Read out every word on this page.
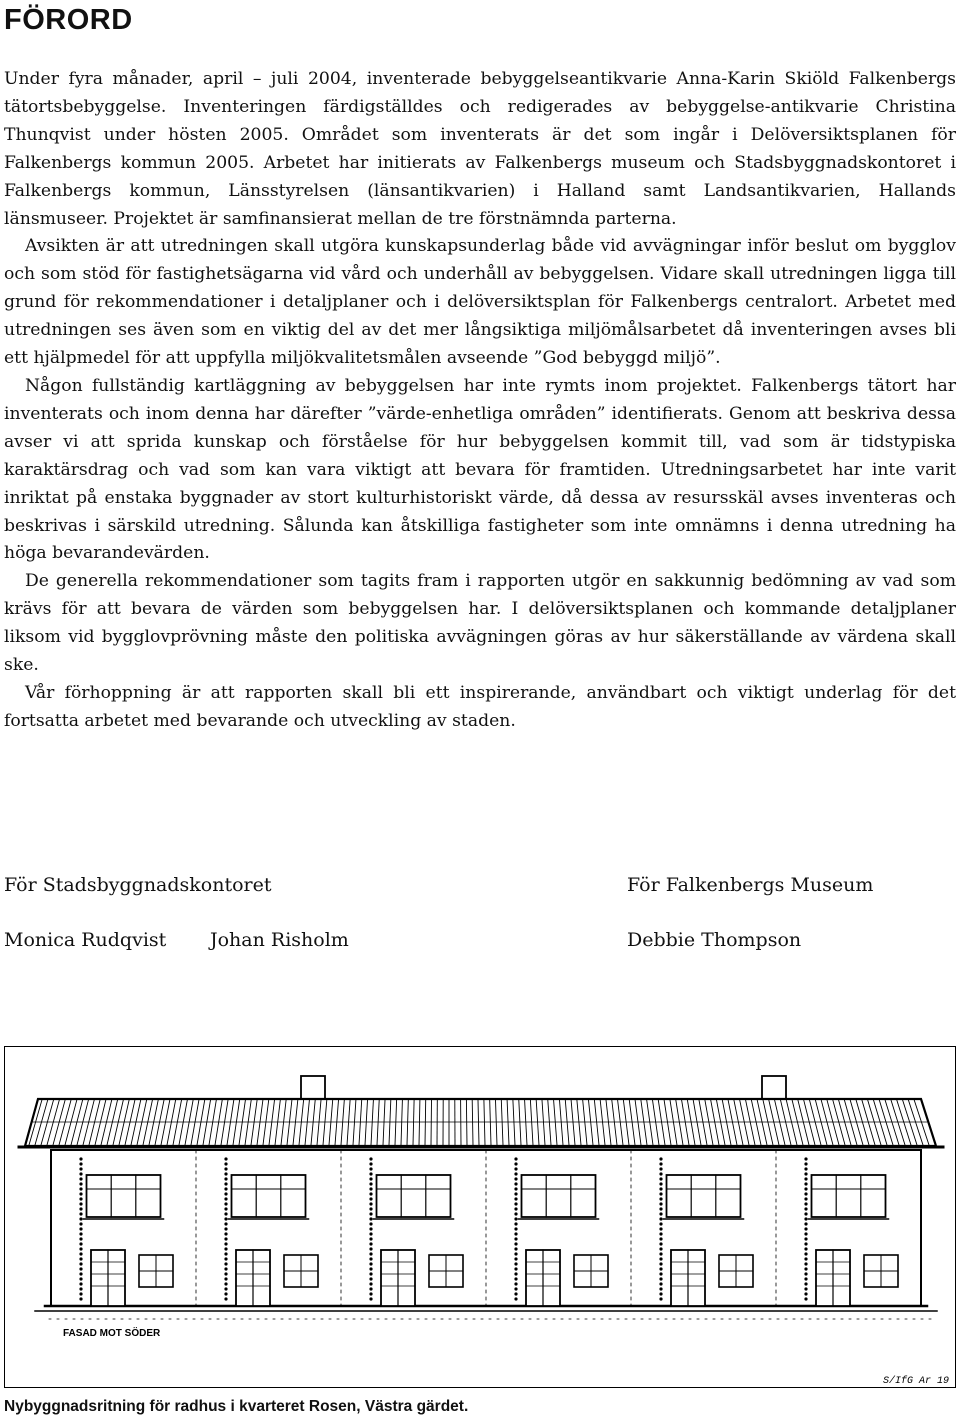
FÖRORD

Under fyra månader, april – juli 2004, inventerade bebyggelseantikvarie Anna-Karin Skiöld Falkenbergs tätortsbebyggelse. Inventeringen färdigställdes och redigerades av bebyggelse-antikvarie Christina Thunqvist under hösten 2005. Området som inventerats är det som ingår i Delöversiktsplanen för Falkenbergs kommun 2005. Arbetet har initierats av Falkenbergs museum och Stadsbyggnadskontoret i Falkenbergs kommun, Länsstyrelsen (länsantikvarien) i Halland samt Landsantikvarien, Hallands länsmuseer. Projektet är samfinansierat mellan de tre förstnämnda parterna.

Avsikten är att utredningen skall utgöra kunskapsunderlag både vid avvägningar inför beslut om bygglov och som stöd för fastighetsägarna vid vård och underhåll av bebyggelsen. Vidare skall utredningen ligga till grund för rekommendationer i detaljplaner och i delöversiktsplan för Falkenbergs centralort. Arbetet med utredningen ses även som en viktig del av det mer långsiktiga miljömålsarbetet då inventeringen avses bli ett hjälpmedel för att uppfylla miljökvalitetsmålen avseende ”God bebyggd miljö”.

Någon fullständig kartläggning av bebyggelsen har inte rymts inom projektet. Falkenbergs tätort har inventerats och inom denna har därefter ”värde-enhetliga områden” identifierats. Genom att beskriva dessa avser vi att sprida kunskap och förståelse för hur bebyggelsen kommit till, vad som är tidstypiska karaktärsdrag och vad som kan vara viktigt att bevara för framtiden. Utredningsarbetet har inte varit inriktat på enstaka byggnader av stort kulturhistoriskt värde, då dessa av resursskäl avses inventeras och beskrivas i särskild utredning. Sålunda kan åtskilliga fastigheter som inte omnämns i denna utredning ha höga bevarandevärden.

De generella rekommendationer som tagits fram i rapporten utgör en sakkunnig bedömning av vad som krävs för att bevara de värden som bebyggelsen har. I delöversiktsplanen och kommande detaljplaner liksom vid bygglovprövning måste den politiska avvägningen göras av hur säkerställande av värdena skall ske.

Vår förhoppning är att rapporten skall bli ett inspirerande, användbart och viktigt underlag för det fortsatta arbetet med bevarande och utveckling av staden.

För Stadsbyggnadskontoret	För Falkenbergs Museum
Monica Rudqvist Johan Risholm	Debbie Thompson
FASAD MOT SÖDER
S/IfG Ar 19
Nybyggnadsritning för radhus i kvarteret Rosen, Västra gärdet.
